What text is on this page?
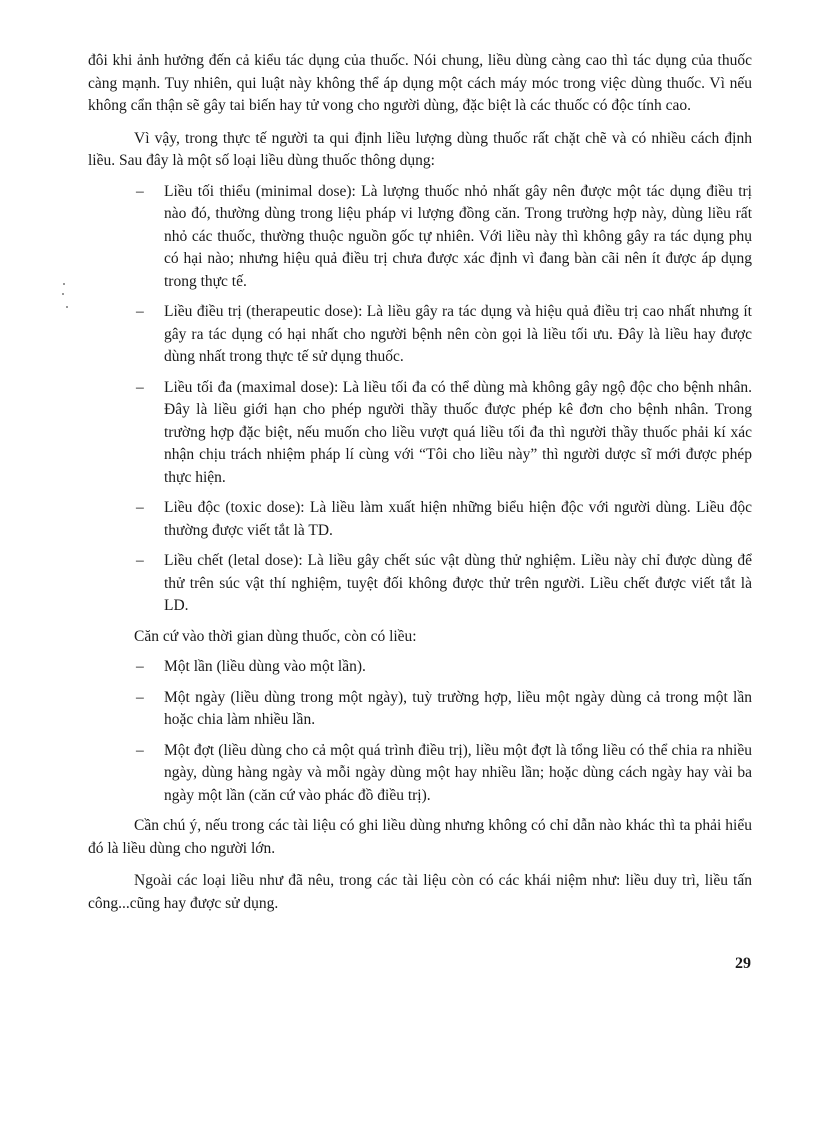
đôi khi ảnh hưởng đến cả kiểu tác dụng của thuốc. Nói chung, liều dùng càng cao thì tác dụng của thuốc càng mạnh. Tuy nhiên, qui luật này không thể áp dụng một cách máy móc trong việc dùng thuốc. Vì nếu không cẩn thận sẽ gây tai biến hay tử vong cho người dùng, đặc biệt là các thuốc có độc tính cao.

Vì vậy, trong thực tế người ta qui định liều lượng dùng thuốc rất chặt chẽ và có nhiều cách định liều. Sau đây là một số loại liều dùng thuốc thông dụng:

– Liều tối thiểu (minimal dose): Là lượng thuốc nhỏ nhất gây nên được một tác dụng điều trị nào đó, thường dùng trong liệu pháp vi lượng đồng căn. Trong trường hợp này, dùng liều rất nhỏ các thuốc, thường thuộc nguồn gốc tự nhiên. Với liều này thì không gây ra tác dụng phụ có hại nào; nhưng hiệu quả điều trị chưa được xác định vì đang bàn cãi nên ít được áp dụng trong thực tế.
– Liều điều trị (therapeutic dose): Là liều gây ra tác dụng và hiệu quả điều trị cao nhất nhưng ít gây ra tác dụng có hại nhất cho người bệnh nên còn gọi là liều tối ưu. Đây là liều hay được dùng nhất trong thực tế sử dụng thuốc.
– Liều tối đa (maximal dose): Là liều tối đa có thể dùng mà không gây ngộ độc cho bệnh nhân. Đây là liều giới hạn cho phép người thầy thuốc được phép kê đơn cho bệnh nhân. Trong trường hợp đặc biệt, nếu muốn cho liều vượt quá liều tối đa thì người thầy thuốc phải kí xác nhận chịu trách nhiệm pháp lí cùng với “Tôi cho liều này” thì người dược sĩ mới được phép thực hiện.
– Liều độc (toxic dose): Là liều làm xuất hiện những biểu hiện độc với người dùng. Liều độc thường được viết tắt là TD.
– Liều chết (letal dose): Là liều gây chết súc vật dùng thử nghiệm. Liều này chỉ được dùng để thử trên súc vật thí nghiệm, tuyệt đối không được thử trên người. Liều chết được viết tắt là LD.

Căn cứ vào thời gian dùng thuốc, còn có liều:

– Một lần (liều dùng vào một lần).
– Một ngày (liều dùng trong một ngày), tuỳ trường hợp, liều một ngày dùng cả trong một lần hoặc chia làm nhiều lần.
– Một đợt (liều dùng cho cả một quá trình điều trị), liều một đợt là tổng liều có thể chia ra nhiều ngày, dùng hàng ngày và mỗi ngày dùng một hay nhiều lần; hoặc dùng cách ngày hay vài ba ngày một lần (căn cứ vào phác đồ điều trị).

Cần chú ý, nếu trong các tài liệu có ghi liều dùng nhưng không có chỉ dẫn nào khác thì ta phải hiểu đó là liều dùng cho người lớn.

Ngoài các loại liều như đã nêu, trong các tài liệu còn có các khái niệm như: liều duy trì, liều tấn công...cũng hay được sử dụng.

29
